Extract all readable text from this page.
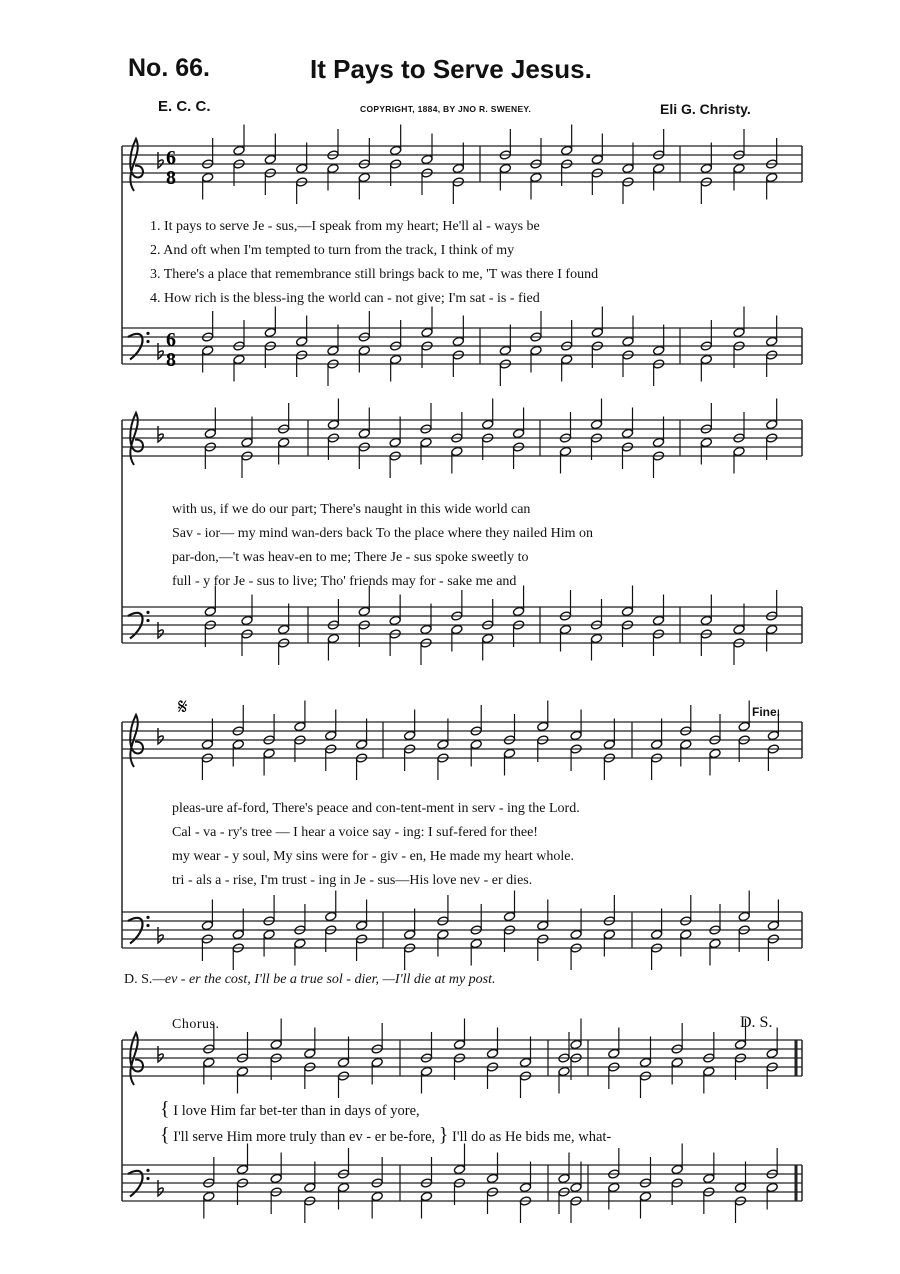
No. 66.	It Pays to Serve Jesus.
E. C. C.	COPYRIGHT, 1884, BY JNO R. SWENEY.	Eli G. Christy.
6
8
6
8
𝄋
1. It pays to serve Je - sus,—I speak from my heart; He'll al - ways be
2. And oft when I'm tempted to turn from the track, I think of my
3. There's a place that remembrance still brings back to me, 'T was there I found
4. How rich is the bless-ing the world can - not give; I'm sat - is - fied
with us, if we do our part; There's naught in this wide world can
Sav - ior— my mind wan-ders back To the place where they nailed Him on
par-don,—'t was heav-en to me; There Je - sus spoke sweetly to
full - y for Je - sus to live; Tho' friends may for - sake me and
Fine.
pleas-ure af-ford, There's peace and con-tent-ment in serv - ing the Lord.
Cal - va - ry's tree — I hear a voice say - ing: I suf-fered for thee!
my wear - y soul, My sins were for - giv - en, He made my heart whole.
tri - als a - rise, I'm trust - ing in Je - sus—His love nev - er dies.
D. S.—ev - er the cost, I'll be a true sol - dier, —I'll die at my post.
Chorus.	D. S.
{ I love Him far bet-ter than in days of yore,
{ I'll serve Him more truly than ev - er be-fore, } I'll do as He bids me, what-
